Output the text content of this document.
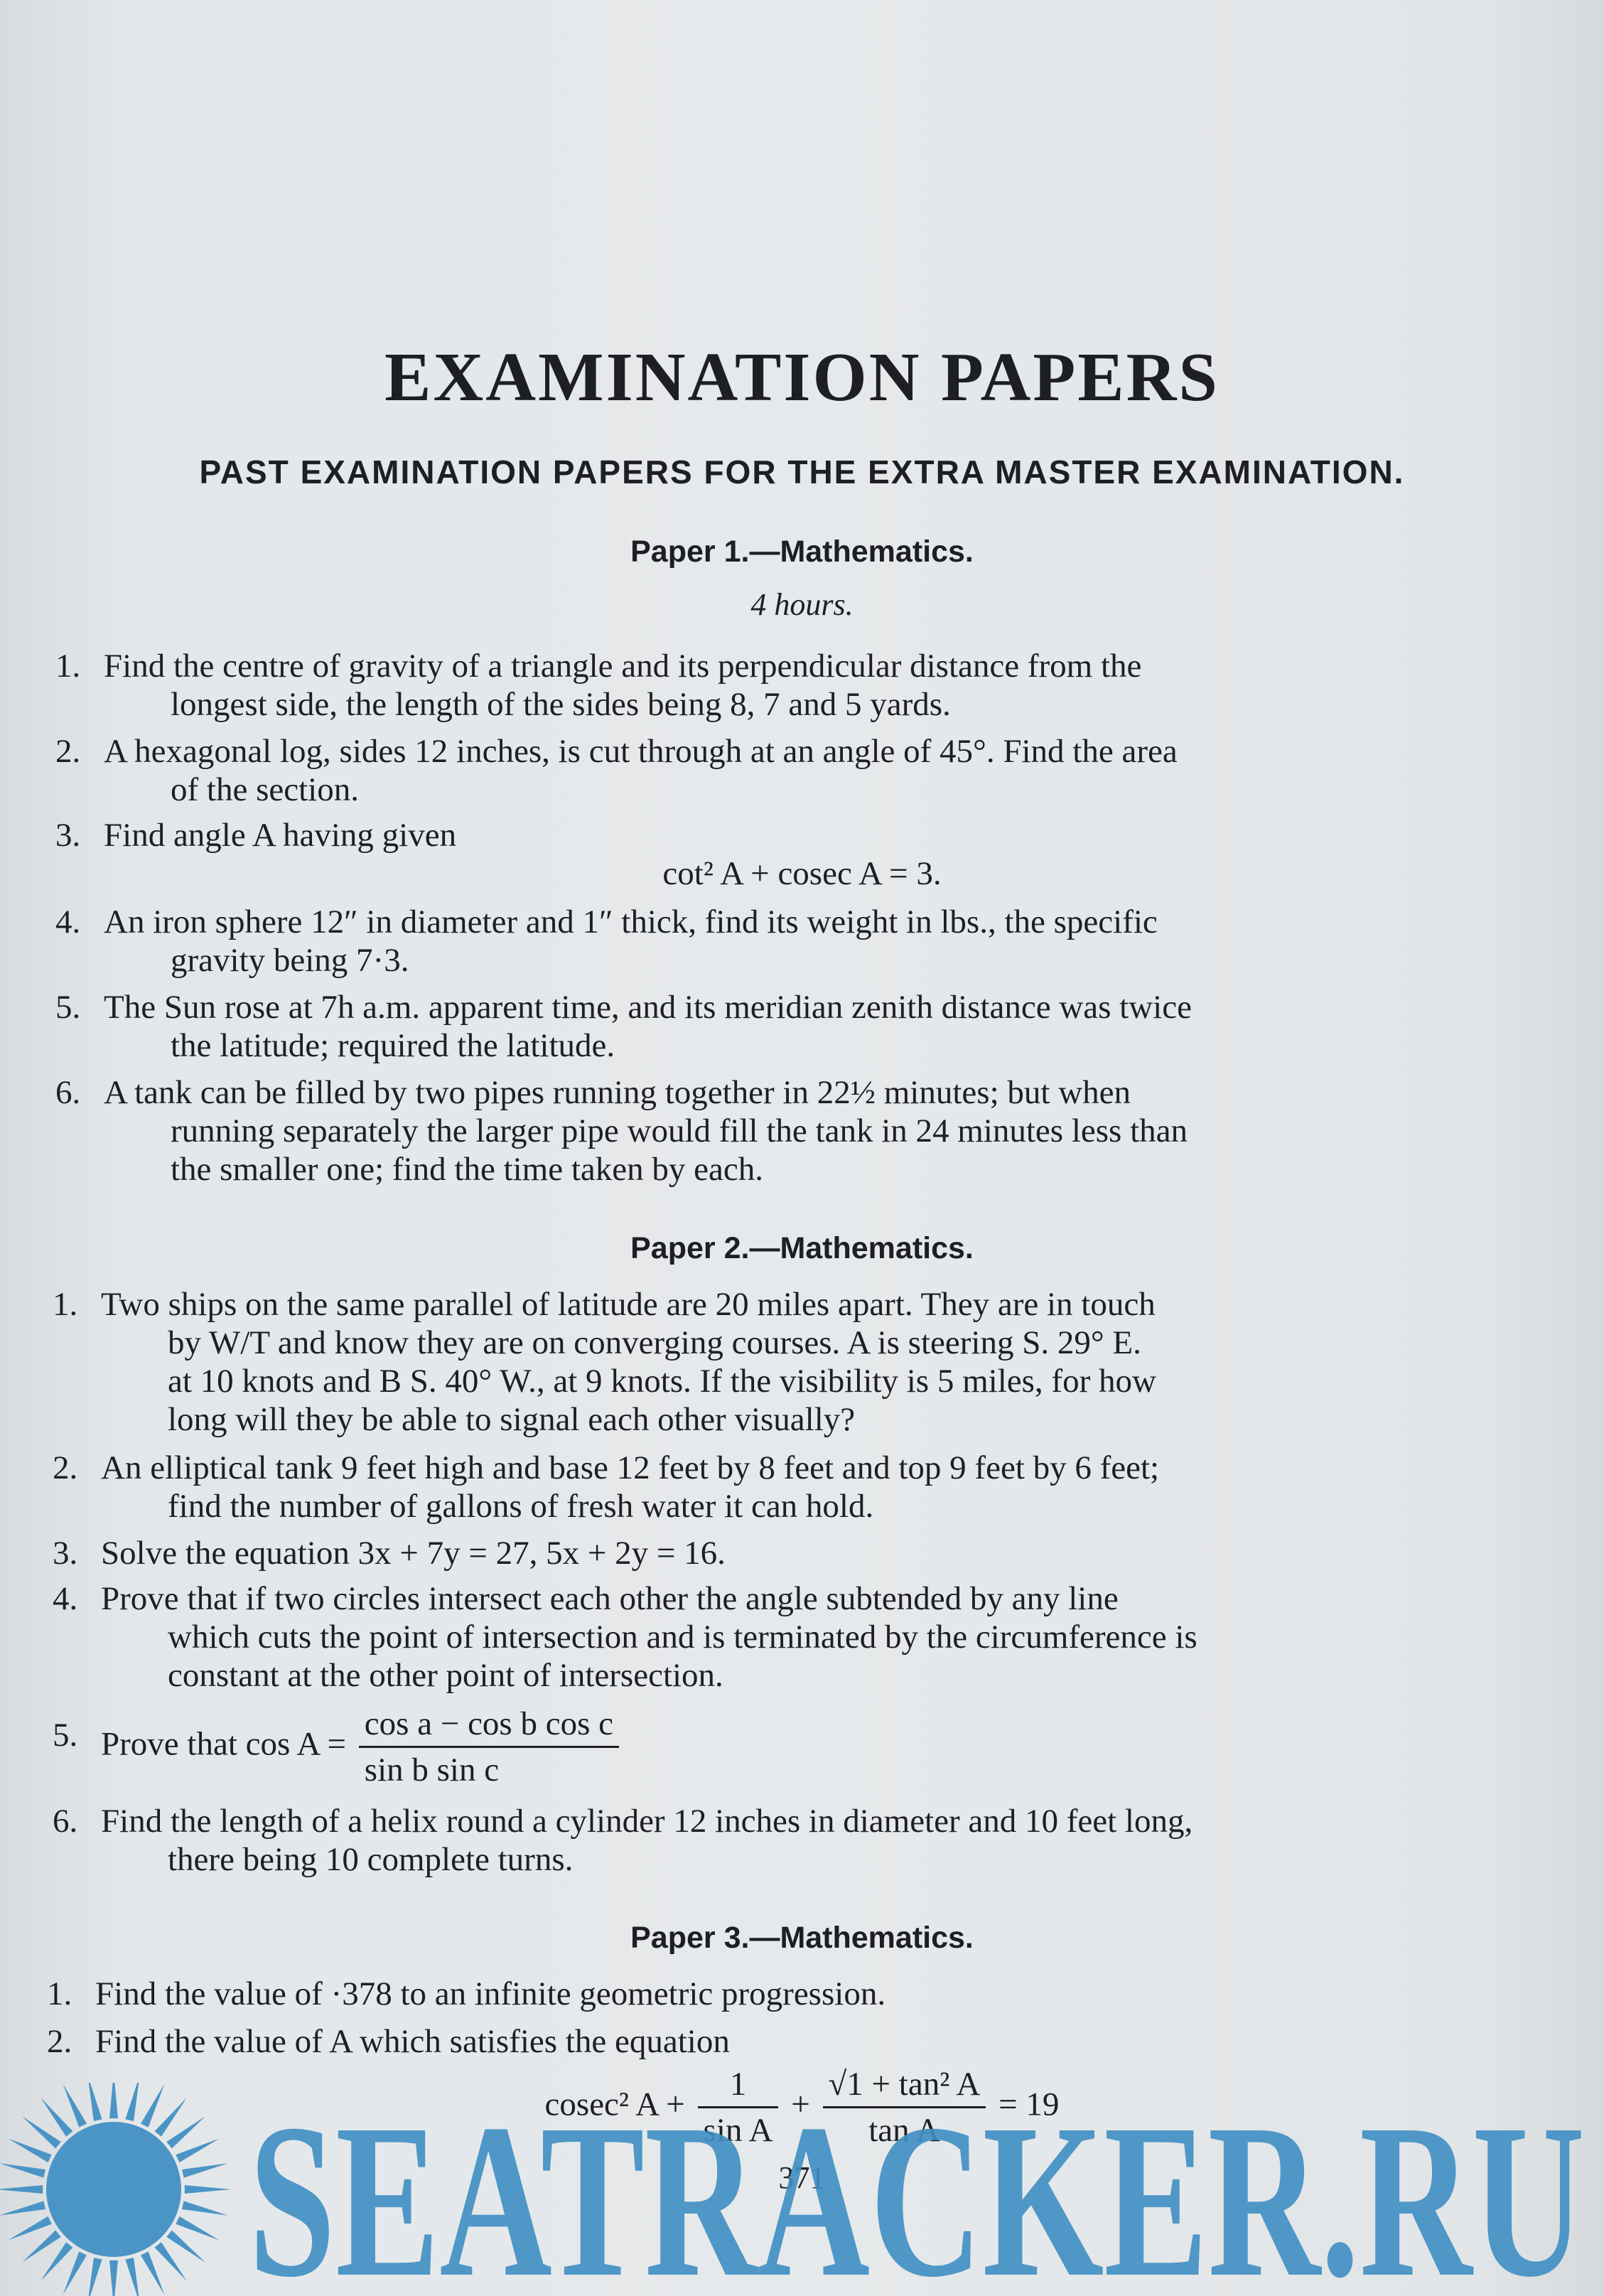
EXAMINATION PAPERS
PAST EXAMINATION PAPERS FOR THE EXTRA MASTER EXAMINATION.
Paper 1.—Mathematics.
4 hours.
1. Find the centre of gravity of a triangle and its perpendicular distance from the
longest side, the length of the sides being 8, 7 and 5 yards.
2. A hexagonal log, sides 12 inches, is cut through at an angle of 45°. Find the area
of the section.
3. Find angle A having given
cot² A + cosec A = 3.
4. An iron sphere 12″ in diameter and 1″ thick, find its weight in lbs., the specific
gravity being 7·3.
5. The Sun rose at 7h a.m. apparent time, and its meridian zenith distance was twice
the latitude; required the latitude.
6. A tank can be filled by two pipes running together in 22½ minutes; but when
running separately the larger pipe would fill the tank in 24 minutes less than
the smaller one; find the time taken by each.
Paper 2.—Mathematics.
1. Two ships on the same parallel of latitude are 20 miles apart. They are in touch
by W/T and know they are on converging courses. A is steering S. 29° E.
at 10 knots and B S. 40° W., at 9 knots. If the visibility is 5 miles, for how
long will they be able to signal each other visually?
2. An elliptical tank 9 feet high and base 12 feet by 8 feet and top 9 feet by 6 feet;
find the number of gallons of fresh water it can hold.
3. Solve the equation 3x + 7y = 27, 5x + 2y = 16.
4. Prove that if two circles intersect each other the angle subtended by any line
which cuts the point of intersection and is terminated by the circumference is
constant at the other point of intersection.
5. Prove that $\cos A = \frac{\text{cos a − cos b cos c}}{\text{sin b sin c}}$
6. Find the length of a helix round a cylinder 12 inches in diameter and 10 feet long,
there being 10 complete turns.
Paper 3.—Mathematics.
1. Find the value of ·378 to an infinite geometric progression.
2. Find the value of A which satisfies the equation
cosec² $A + \frac{1}{\text{sin A}} + \frac{\text{√1 + tan² A}}{\text{tan A}} = 19$
371
SEATRACKER.RU
